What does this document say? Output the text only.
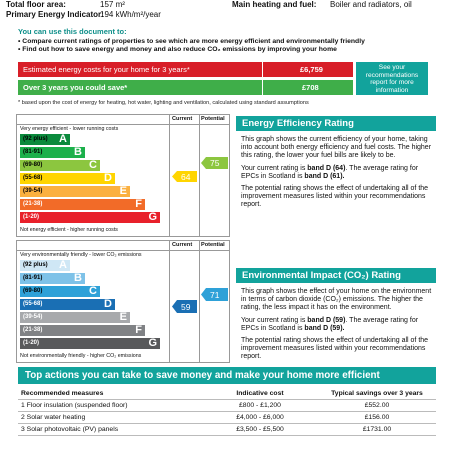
Total floor area:	157 m²
Primary Energy Indicator:
194 kWh/m²/year
Main heating and fuel: Boiler and radiators, oil
You can use this document to:
• Compare current ratings of properties to see which are more energy efficient and environmentally friendly
• Find out how to save energy and money and also reduce CO₂ emissions by improving your home
Estimated energy costs for your home for 3 years*	£6,759
Over 3 years you could save*	£708
See your recommendations report for more information
* based upon the cost of energy for heating, hot water, lighting and ventilation, calculated using standard assumptions
Current Potential
Very energy efficient - lower running costs
Not energy efficient - higher running costs
(92 plus) A
(81-91)	B
(69-80)	C
(55-68)	D
(39-54)	E
(21-38)	F
(1-20)	G
64
75
Current Potential
Very environmentally friendly - lower CO₂ emissions
Not environmentally friendly - higher CO₂ emissions
(92 plus) A
(81-91)	B
(69-80)	C
(55-68)	D
(39-54)	E
(21-38)	F
(1-20)	G
59
71
Energy Efficiency Rating
This graph shows the current efficiency of your home, taking into account both energy efficiency and fuel costs. The higher this rating, the lower your fuel bills are likely to be.
Your current rating is band D (64). The average rating for EPCs in Scotland is band D (61).
The potential rating shows the effect of undertaking all of the improvement measures listed within your recommendations report.
Environmental Impact (CO₂) Rating
This graph shows the effect of your home on the environment in terms of carbon dioxide (CO₂) emissions. The higher the rating, the less impact it has on the environment.
Your current rating is band D (59). The average rating for EPCs in Scotland is band D (59).
The potential rating shows the effect of undertaking all of the improvement measures listed within your recommendations report.
Top actions you can take to save money and make your home more efficient
Recommended measures	Indicative cost	Typical savings over 3 years
1 Floor insulation (suspended floor)	£800 - £1,200	£552.00
2 Solar water heating	£4,000 - £6,000	£156.00
3 Solar photovoltaic (PV) panels	£3,500 - £5,500	£1731.00
